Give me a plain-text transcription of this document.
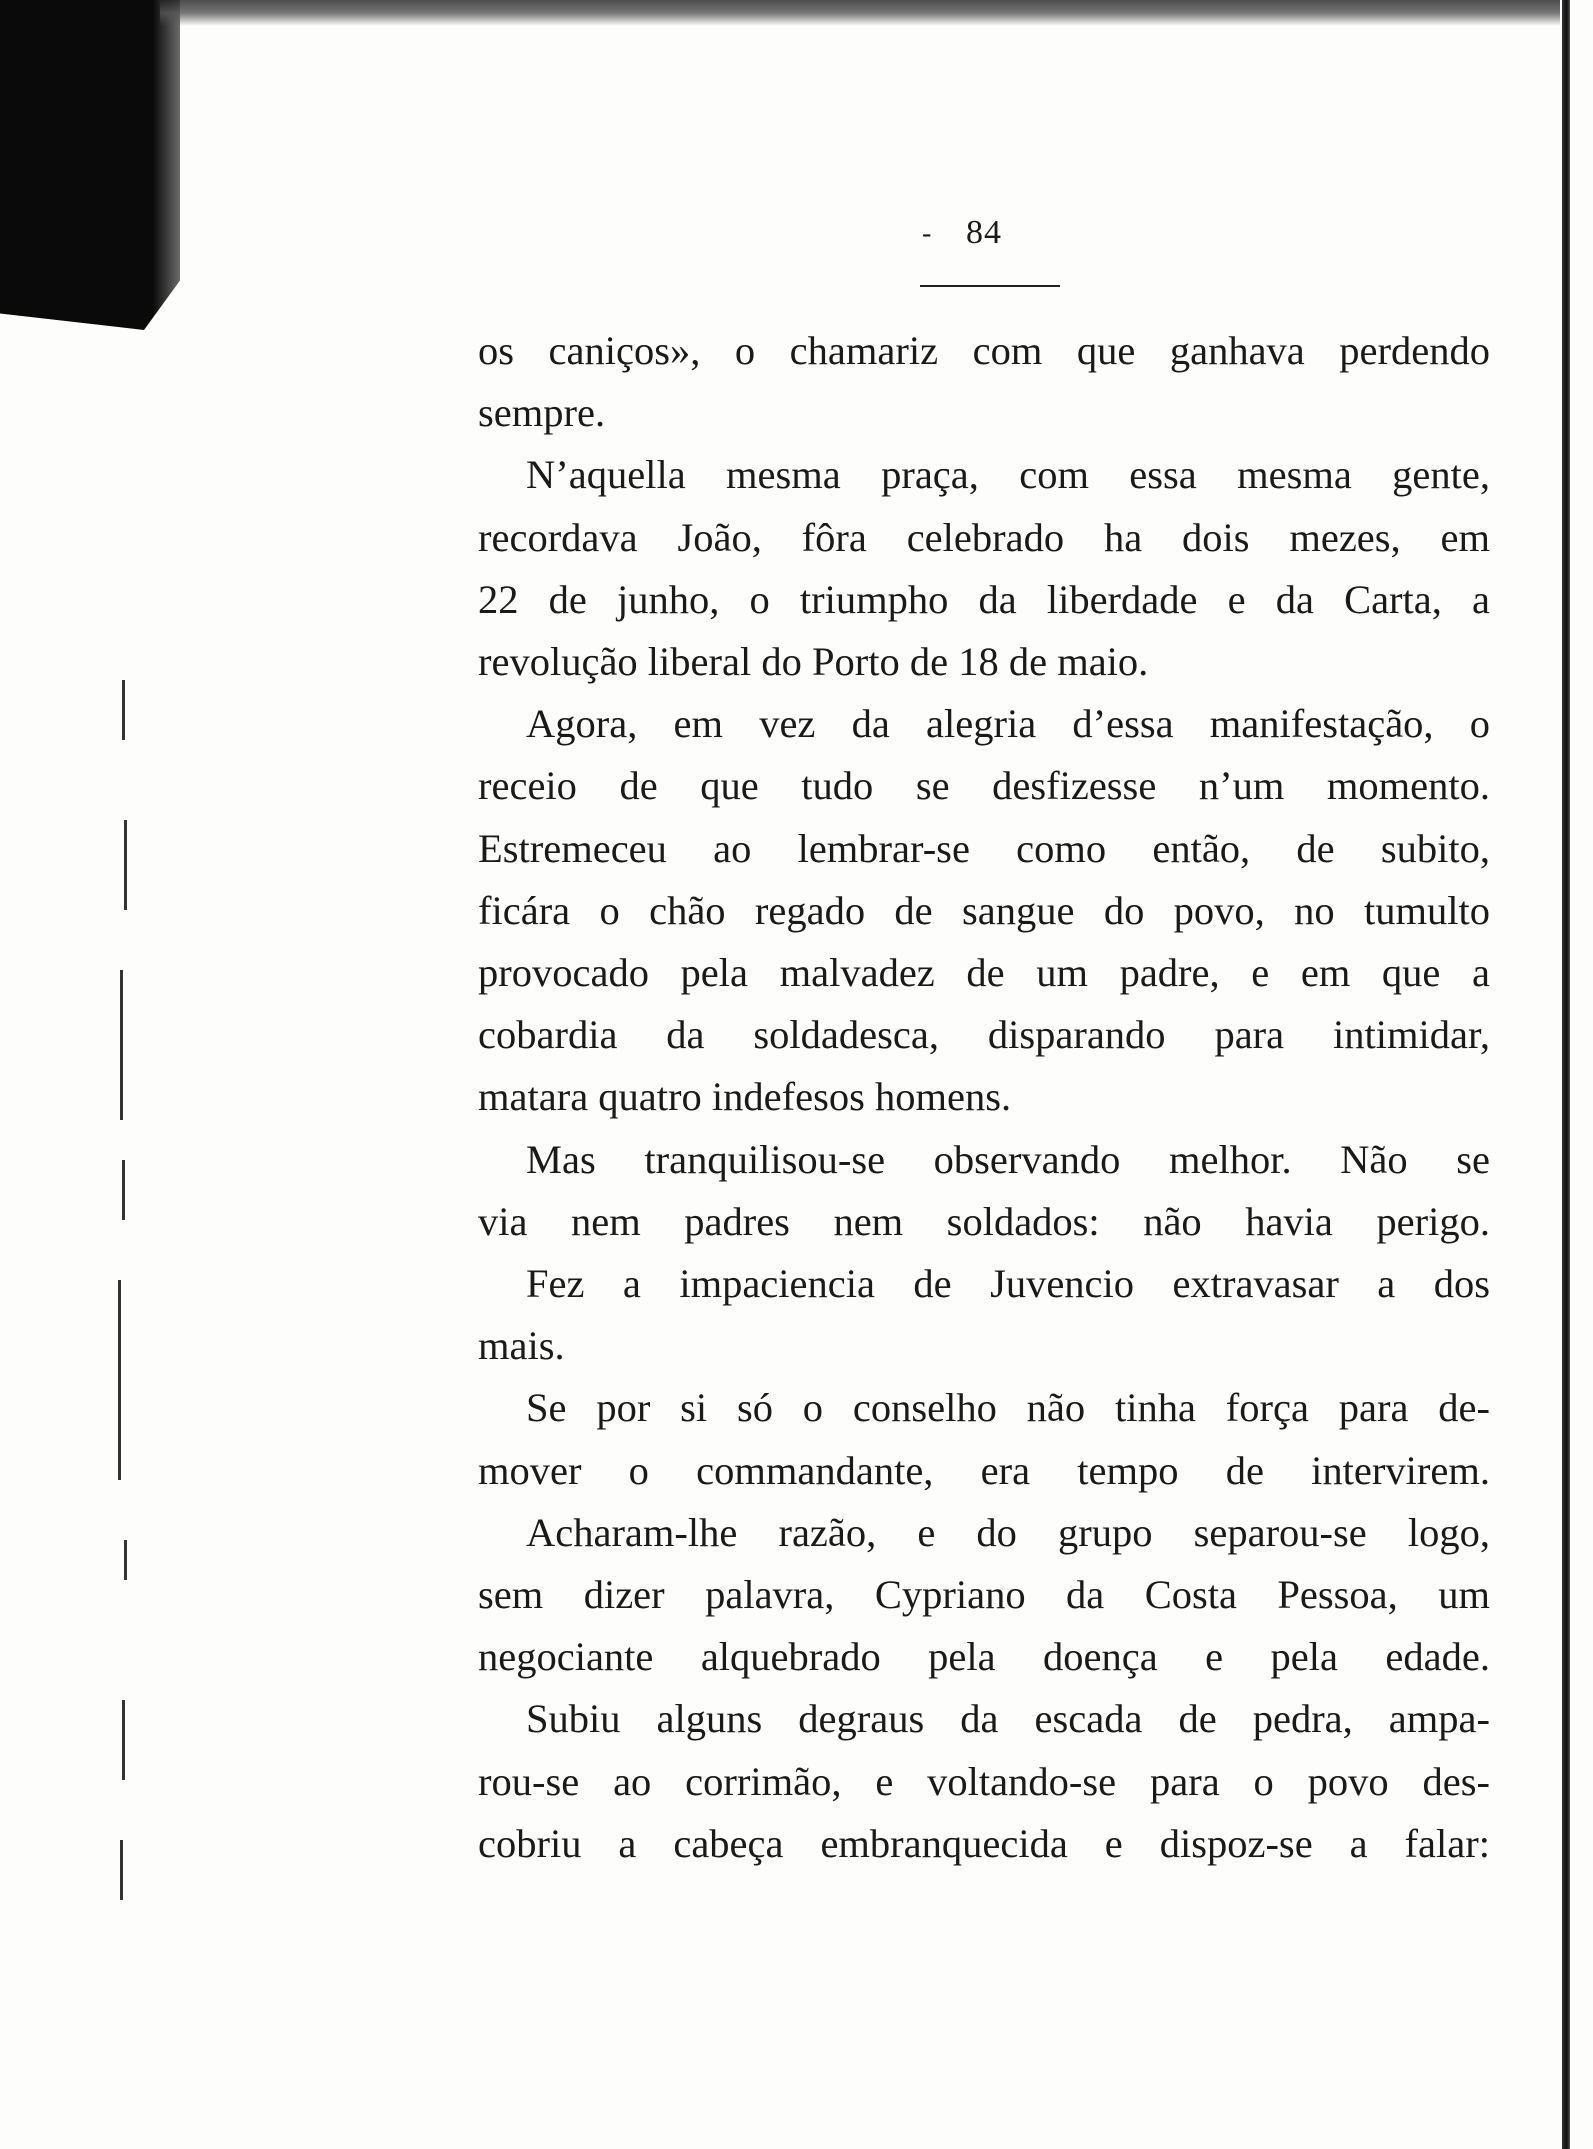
- 84
os caniços», o chamariz com que ganhava perdendo
sempre.
N’aquella mesma praça, com essa mesma gente,
recordava João, fôra celebrado ha dois mezes, em
22 de junho, o triumpho da liberdade e da Carta, a
revolução liberal do Porto de 18 de maio.
Agora, em vez da alegria d’essa manifestação, o
receio de que tudo se desfizesse n’um momento.
Estremeceu ao lembrar-se como então, de subito,
ficára o chão regado de sangue do povo, no tumulto
provocado pela malvadez de um padre, e em que a
cobardia da soldadesca, disparando para intimidar,
matara quatro indefesos homens.
Mas tranquilisou-se observando melhor. Não se
via nem padres nem soldados: não havia perigo.
Fez a impaciencia de Juvencio extravasar a dos
mais.
Se por si só o conselho não tinha força para de-
mover o commandante, era tempo de intervirem.
Acharam-lhe razão, e do grupo separou-se logo,
sem dizer palavra, Cypriano da Costa Pessoa, um
negociante alquebrado pela doença e pela edade.
Subiu alguns degraus da escada de pedra, ampa-
rou-se ao corrimão, e voltando-se para o povo des-
cobriu a cabeça embranquecida e dispoz-se a falar:
